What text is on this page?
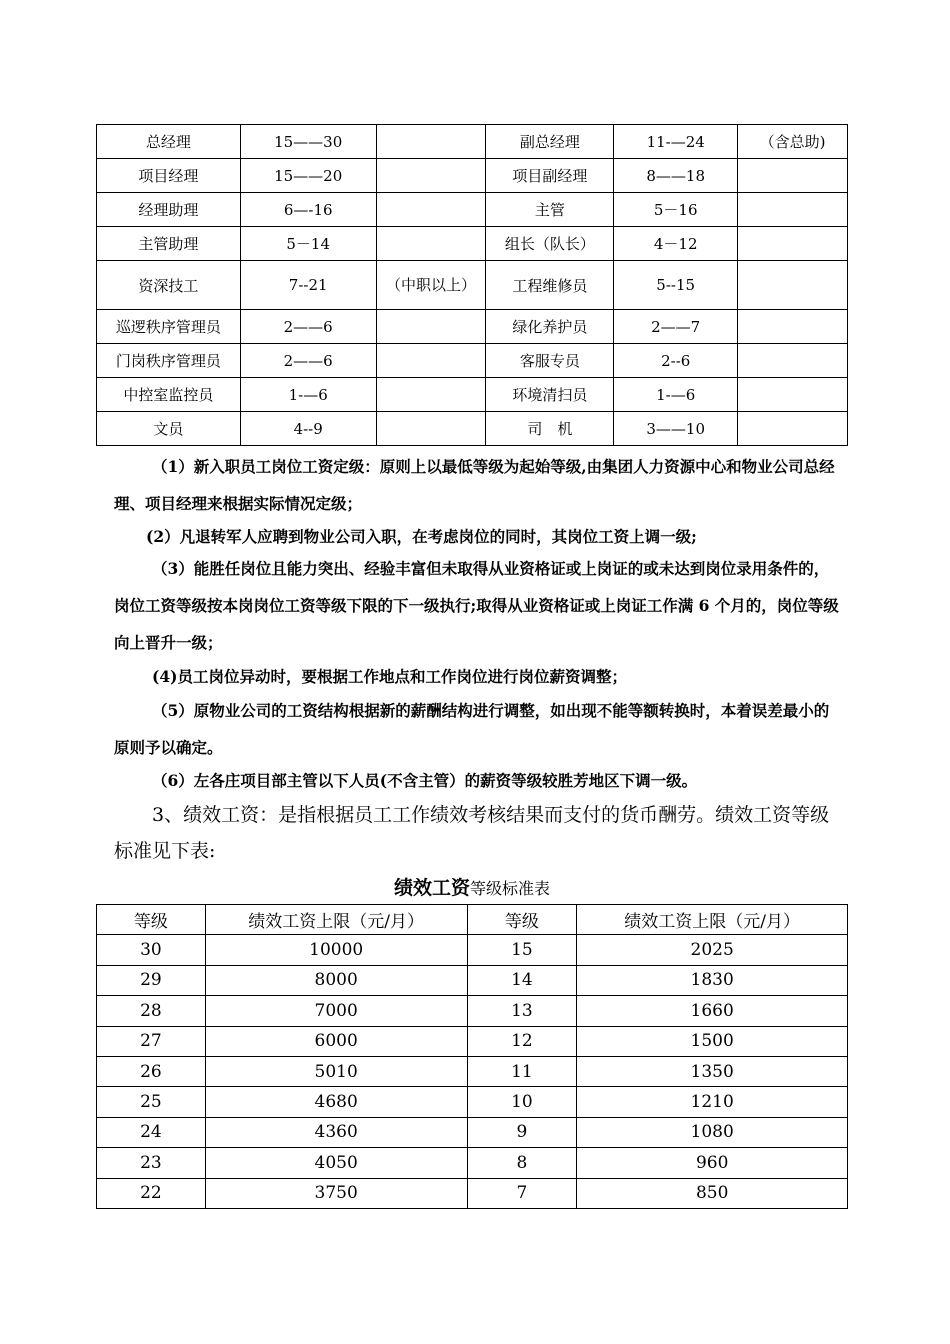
总经理	15——30		副总经理	11-—24	（含总助)
项目经理	15——20		项目副经理	8——18	
经理助理	6—-16		主管	5－16	
主管助理	5－14		组长（队长）	4－12	
资深技工	7--21	（中职以上）	工程维修员	5--15	
巡逻秩序管理员	2——6		绿化养护员	2——7	
门岗秩序管理员	2——6		客服专员	2--6	
中控室监控员	1-—6		环境清扫员	1-—6	
文员	4--9		司　机	3——10	
（1）新入职员工岗位工资定级：原则上以最低等级为起始等级,由集团人力资源中心和物业公司总经理、项目经理来根据实际情况定级；
(2）凡退转军人应聘到物业公司入职，在考虑岗位的同时，其岗位工资上调一级;
（3）能胜任岗位且能力突出、经验丰富但未取得从业资格证或上岗证的或未达到岗位录用条件的，岗位工资等级按本岗岗位工资等级下限的下一级执行;取得从业资格证或上岗证工作满 6 个月的，岗位等级向上晋升一级；
(4)员工岗位异动时，要根据工作地点和工作岗位进行岗位薪资调整；
（5）原物业公司的工资结构根据新的薪酬结构进行调整，如出现不能等额转换时，本着误差最小的原则予以确定。
（6）左各庄项目部主管以下人员(不含主管）的薪资等级较胜芳地区下调一级。
3、绩效工资：是指根据员工工作绩效考核结果而支付的货币酬劳。绩效工资等级标准见下表:
绩效工资等级标准表
等级	绩效工资上限（元/月）	等级	绩效工资上限（元/月）
30	10000	15	2025
29	8000	14	1830
28	7000	13	1660
27	6000	12	1500
26	5010	11	1350
25	4680	10	1210
24	4360	9	1080
23	4050	8	960
22	3750	7	850
